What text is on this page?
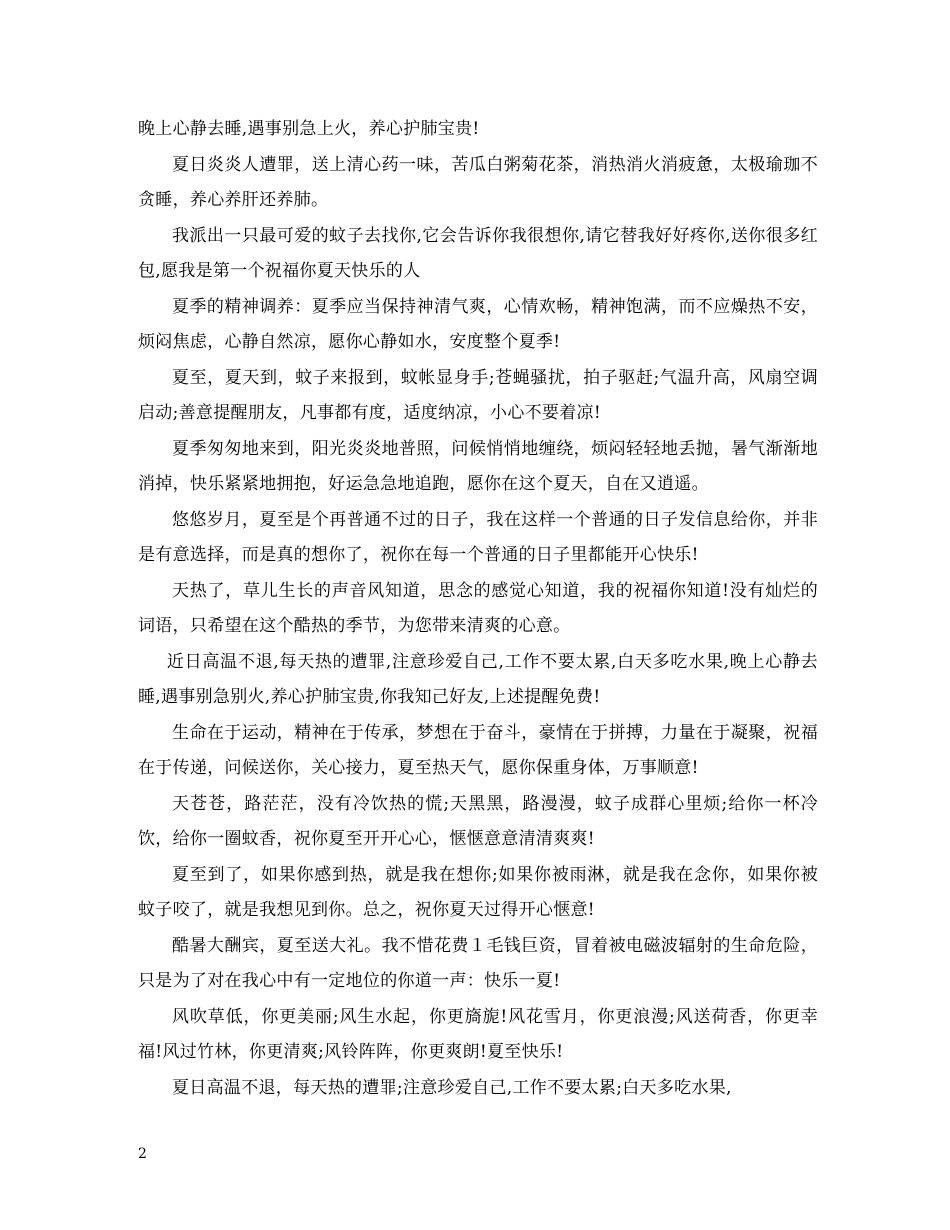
晚上心静去睡,遇事别急上火，养心护肺宝贵!

夏日炎炎人遭罪，送上清心药一味，苦瓜白粥菊花茶，消热消火消疲惫，太极瑜珈不贪睡，养心养肝还养肺。

我派出一只最可爱的蚊子去找你,它会告诉你我很想你,请它替我好好疼你,送你很多红包,愿我是第一个祝福你夏天快乐的人

夏季的精神调养：夏季应当保持神清气爽，心情欢畅，精神饱满，而不应燥热不安，烦闷焦虑，心静自然凉，愿你心静如水，安度整个夏季!

夏至，夏天到，蚊子来报到，蚊帐显身手;苍蝇骚扰，拍子驱赶;气温升高，风扇空调启动;善意提醒朋友，凡事都有度，适度纳凉，小心不要着凉!

夏季匆匆地来到，阳光炎炎地普照，问候悄悄地缠绕，烦闷轻轻地丢抛，暑气渐渐地消掉，快乐紧紧地拥抱，好运急急地追跑，愿你在这个夏天，自在又逍遥。

悠悠岁月，夏至是个再普通不过的日子，我在这样一个普通的日子发信息给你，并非是有意选择，而是真的想你了，祝你在每一个普通的日子里都能开心快乐!

天热了，草儿生长的声音风知道，思念的感觉心知道，我的祝福你知道!没有灿烂的词语，只希望在这个酷热的季节，为您带来清爽的心意。

近日高温不退,每天热的遭罪,注意珍爱自己,工作不要太累,白天多吃水果,晚上心静去睡,遇事别急别火,养心护肺宝贵,你我知己好友,上述提醒免费!

生命在于运动，精神在于传承，梦想在于奋斗，豪情在于拼搏，力量在于凝聚，祝福在于传递，问候送你，关心接力，夏至热天气，愿你保重身体，万事顺意!

天苍苍，路茫茫，没有冷饮热的慌;天黑黑，路漫漫，蚊子成群心里烦;给你一杯冷饮，给你一圈蚊香，祝你夏至开开心心，惬惬意意清清爽爽!

夏至到了，如果你感到热，就是我在想你;如果你被雨淋，就是我在念你，如果你被蚊子咬了，就是我想见到你。总之，祝你夏天过得开心惬意!

酷暑大酬宾，夏至送大礼。我不惜花费１毛钱巨资，冒着被电磁波辐射的生命危险，只是为了对在我心中有一定地位的你道一声：快乐一夏!

风吹草低，你更美丽;风生水起，你更旖旎!风花雪月，你更浪漫;风送荷香，你更幸福!风过竹林，你更清爽;风铃阵阵，你更爽朗!夏至快乐!

夏日高温不退，每天热的遭罪;注意珍爱自己,工作不要太累;白天多吃水果,

2
